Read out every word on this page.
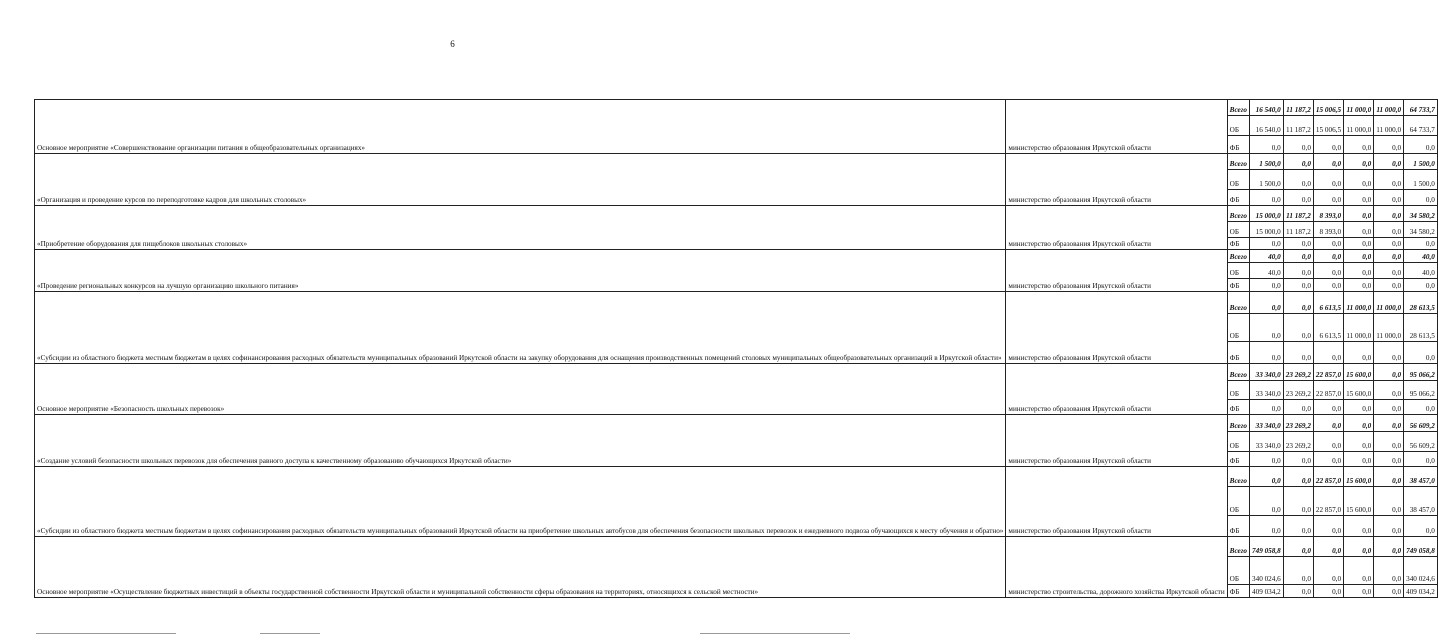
6
Основное мероприятие «Совершенствование организации питания в общеобразовательных организациях»	министерство образования Иркутской области	Всего	16 540,0	11 187,2	15 006,5	11 000,0	11 000,0	64 733,7
		ОБ	16 540,0	11 187,2	15 006,5	11 000,0	11 000,0	64 733,7
		ФБ	0,0	0,0	0,0	0,0	0,0	0,0
«Организация и проведение курсов по переподготовке кадров для школьных столовых»	министерство образования Иркутской области	Всего	1 500,0	0,0	0,0	0,0	0,0	1 500,0
		ОБ	1 500,0	0,0	0,0	0,0	0,0	1 500,0
		ФБ	0,0	0,0	0,0	0,0	0,0	0,0
«Приобретение оборудования для пищеблоков школьных столовых»	министерство образования Иркутской области	Всего	15 000,0	11 187,2	8 393,0	0,0	0,0	34 580,2
		ОБ	15 000,0	11 187,2	8 393,0	0,0	0,0	34 580,2
		ФБ	0,0	0,0	0,0	0,0	0,0	0,0
«Проведение региональных конкурсов на лучшую организацию школьного питания»	министерство образования Иркутской области	Всего	40,0	0,0	0,0	0,0	0,0	40,0
		ОБ	40,0	0,0	0,0	0,0	0,0	40,0
		ФБ	0,0	0,0	0,0	0,0	0,0	0,0
«Субсидии из областного бюджета местным бюджетам в целях софинансирования расходных обязательств муниципальных образований Иркутской области на закупку оборудования для оснащения производственных помещений столовых муниципальных общеобразовательных организаций в Иркутской области»	министерство образования Иркутской области	Всего	0,0	0,0	6 613,5	11 000,0	11 000,0	28 613,5
		ОБ	0,0	0,0	6 613,5	11 000,0	11 000,0	28 613,5
		ФБ	0,0	0,0	0,0	0,0	0,0	0,0
Основное мероприятие «Безопасность школьных перевозок»	министерство образования Иркутской области	Всего	33 340,0	23 269,2	22 857,0	15 600,0	0,0	95 066,2
		ОБ	33 340,0	23 269,2	22 857,0	15 600,0	0,0	95 066,2
		ФБ	0,0	0,0	0,0	0,0	0,0	0,0
«Создание условий безопасности школьных перевозок для обеспечения равного доступа к качественному образованию обучающихся Иркутской области»	министерство образования Иркутской области	Всего	33 340,0	23 269,2	0,0	0,0	0,0	56 609,2
		ОБ	33 340,0	23 269,2	0,0	0,0	0,0	56 609,2
		ФБ	0,0	0,0	0,0	0,0	0,0	0,0
«Субсидии из областного бюджета местным бюджетам в целях софинансирования расходных обязательств муниципальных образований Иркутской области на приобретение школьных автобусов для обеспечения безопасности школьных перевозок и ежедневного подвоза обучающихся к месту обучения и обратно»	министерство образования Иркутской области	Всего	0,0	0,0	22 857,0	15 600,0	0,0	38 457,0
		ОБ	0,0	0,0	22 857,0	15 600,0	0,0	38 457,0
		ФБ	0,0	0,0	0,0	0,0	0,0	0,0
Основное мероприятие «Осуществление бюджетных инвестиций в объекты государственной собственности Иркутской области и муниципальной собственности сферы образования на территориях, относящихся к сельской местности»	министерство строительства, дорожного хозяйства Иркутской области	Всего	749 058,8	0,0	0,0	0,0	0,0	749 058,8
		ОБ	340 024,6	0,0	0,0	0,0	0,0	340 024,6
		ФБ	409 034,2	0,0	0,0	0,0	0,0	409 034,2
